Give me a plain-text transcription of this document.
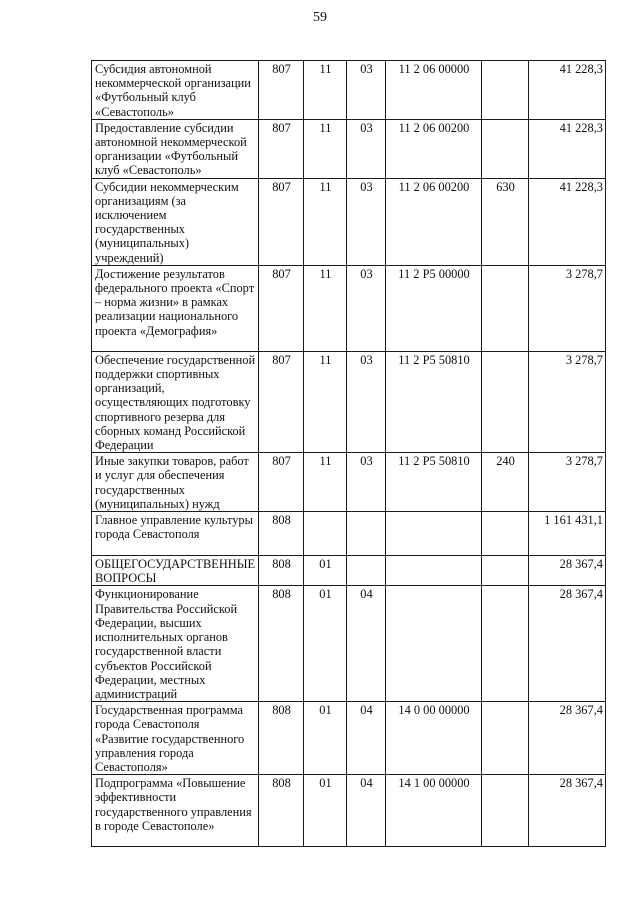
59
Субсидия автономной некоммерческой организации «Футбольный клуб «Севастополь»	807	11	03	11 2 06 00000		41 228,3
Предоставление субсидии автономной некоммерческой организации «Футбольный клуб «Севастополь»	807	11	03	11 2 06 00200		41 228,3
Субсидии некоммерческим организациям (за исключением государственных (муниципальных) учреждений)	807	11	03	11 2 06 00200	630	41 228,3
Достижение результатов федерального проекта «Спорт – норма жизни» в рамках реализации национального проекта «Демография»	807	11	03	11 2 P5 00000		3 278,7
Обеспечение государственной поддержки спортивных организаций, осуществляющих подготовку спортивного резерва для сборных команд Российской Федерации	807	11	03	11 2 P5 50810		3 278,7
Иные закупки товаров, работ и услуг для обеспечения государственных (муниципальных) нужд	807	11	03	11 2 P5 50810	240	3 278,7
Главное управление культуры города Севастополя	808					1 161 431,1
ОБЩЕГОСУДАРСТВЕННЫЕ ВОПРОСЫ	808	01				28 367,4
Функционирование Правительства Российской Федерации, высших исполнительных органов государственной власти субъектов Российской Федерации, местных администраций	808	01	04			28 367,4
Государственная программа города Севастополя «Развитие государственного управления города Севастополя»	808	01	04	14 0 00 00000		28 367,4
Подпрограмма «Повышение эффективности государственного управления в городе Севастополе»	808	01	04	14 1 00 00000		28 367,4
